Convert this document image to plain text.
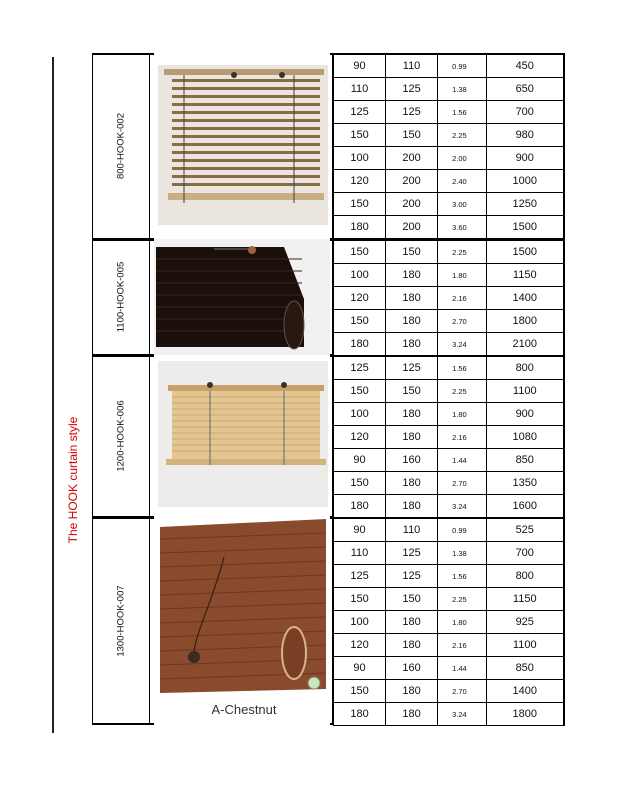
The HOOK curtain style
800-HOOK-002
90	110	0.99	450
110	125	1.38	650
125	125	1.56	700
150	150	2.25	980
100	200	2.00	900
120	200	2.40	1000
150	200	3.00	1250
180	200	3.60	1500
1100-HOOK-005
150	150	2.25	1500
100	180	1.80	1150
120	180	2.16	1400
150	180	2.70	1800
180	180	3.24	2100
1200-HOOK-006
125	125	1.56	800
150	150	2.25	1100
100	180	1.80	900
120	180	2.16	1080
90	160	1.44	850
150	180	2.70	1350
180	180	3.24	1600
1300-HOOK-007
A-Chestnut
90	110	0.99	525
110	125	1.38	700
125	125	1.56	800
150	150	2.25	1150
100	180	1.80	925
120	180	2.16	1100
90	160	1.44	850
150	180	2.70	1400
180	180	3.24	1800
